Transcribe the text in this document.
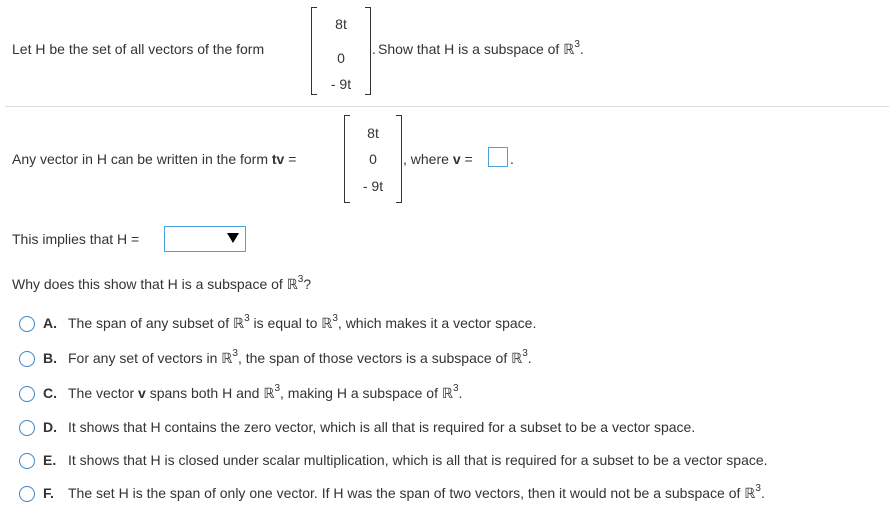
Let H be the set of all vectors of the form
8t
0
- 9t
. Show that H is a subspace of ℝ$^3$.
Any vector in H can be written in the form tv =
8t
0
- 9t
, where v =	.
This implies that H =
Why does this show that H is a subspace of ℝ$^3$?
A. The span of any subset of ℝ$^3$ is equal to ℝ$^3$, which makes it a vector space.
B. For any set of vectors in ℝ$^3$, the span of those vectors is a subspace of ℝ$^3$.
C. The vector v spans both H and ℝ$^3$, making H a subspace of ℝ$^3$.
D. It shows that H contains the zero vector, which is all that is required for a subset to be a vector space.
E. It shows that H is closed under scalar multiplication, which is all that is required for a subset to be a vector space.
F. The set H is the span of only one vector. If H was the span of two vectors, then it would not be a subspace of ℝ$^3$.
